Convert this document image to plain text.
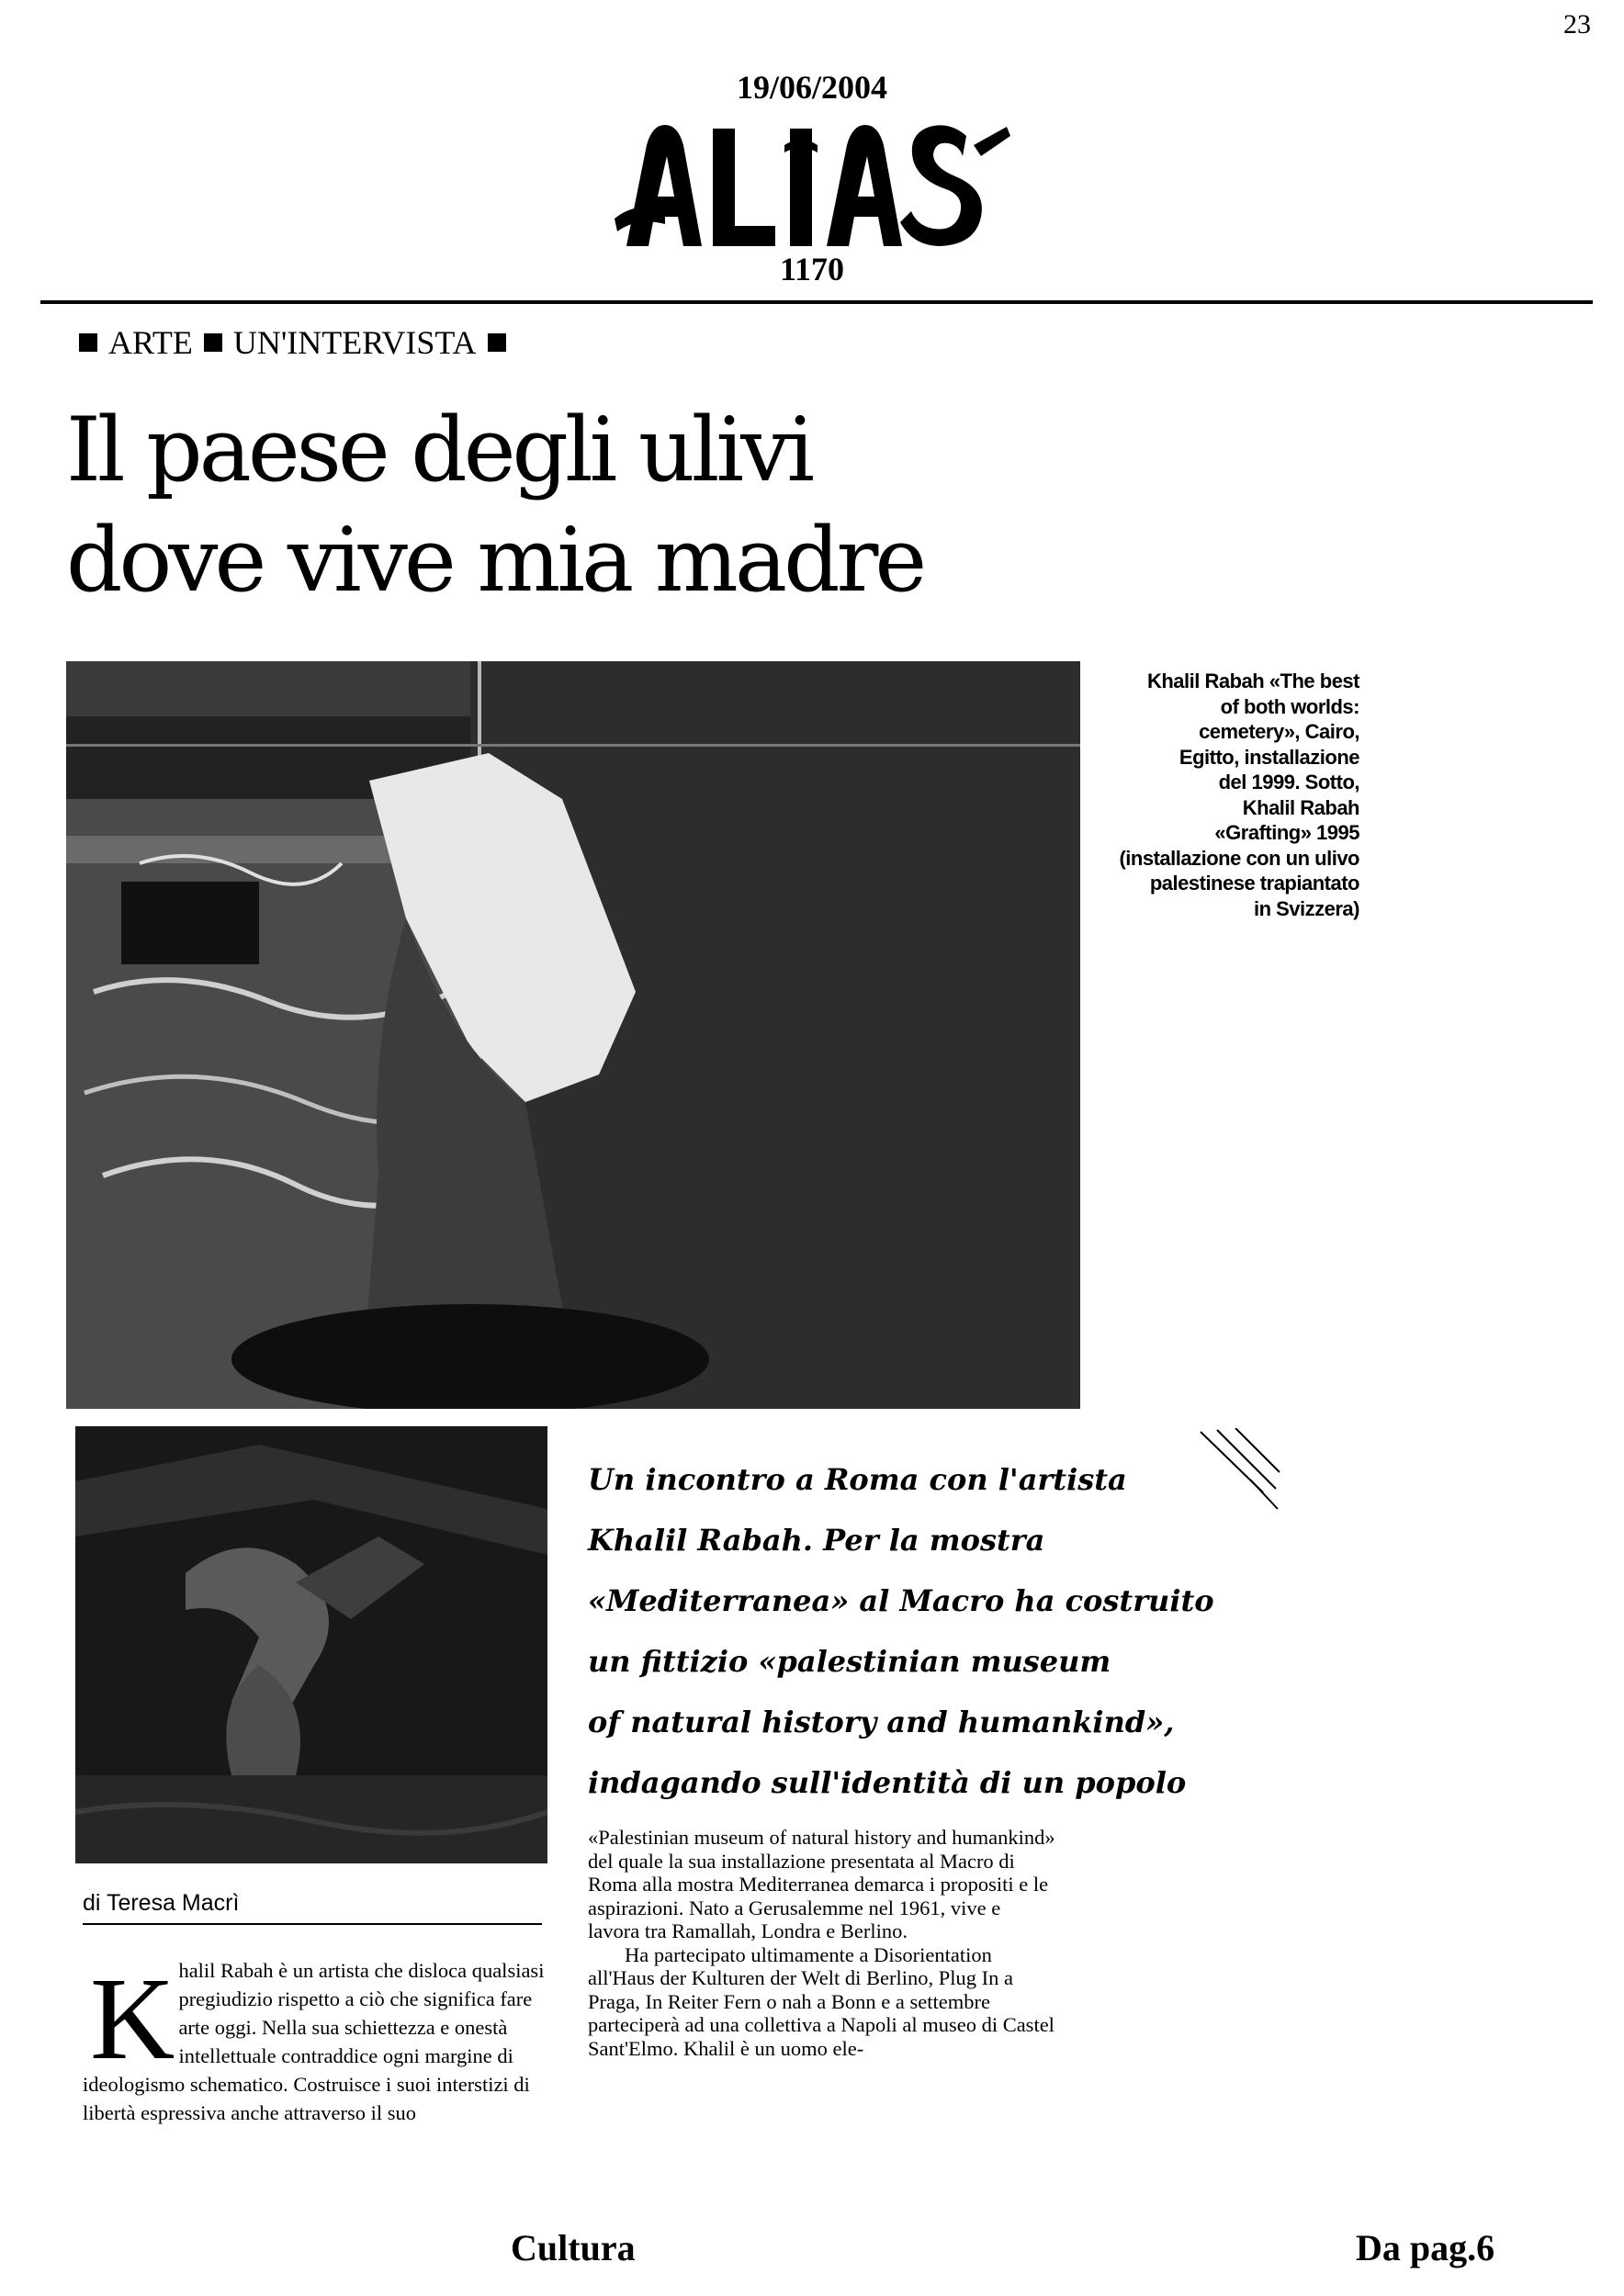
23
19/06/2004
1170
ARTE UN'INTERVISTA
Il paese degli ulivi
dove vive mia madre
Khalil Rabah «The best
of both worlds:
cemetery», Cairo,
Egitto, installazione
del 1999. Sotto,
Khalil Rabah
«Grafting» 1995
(installazione con un ulivo
palestinese trapiantato
in Svizzera)
Un incontro a Roma con l'artista
Khalil Rabah. Per la mostra
«Mediterranea» al Macro ha costruito
un fittizio «palestinian museum
of natural history and humankind»,
indagando sull'identità di un popolo
di Teresa Macrì
K halil Rabah è un artista che disloca qualsiasi pregiudizio rispetto a ciò che significa fare arte oggi. Nella sua schiettezza e onestà intellettuale contraddice ogni margine di ideologismo schematico. Costruisce i suoi interstizi di libertà espressiva anche attraverso il suo

«Palestinian museum of natural history and humankind» del quale la sua installazione presentata al Macro di Roma alla mostra Mediterranea demarca i propositi e le aspirazioni. Nato a Gerusalemme nel 1961, vive e lavora tra Ramallah, Londra e Berlino.

Ha partecipato ultimamente a Disorientation all'Haus der Kulturen der Welt di Berlino, Plug In a Praga, In Reiter Fern o nah a Bonn e a settembre parteciperà ad una collettiva a Napoli al museo di Castel Sant'Elmo. Khalil è un uomo ele-

Cultura	Da pag.6
